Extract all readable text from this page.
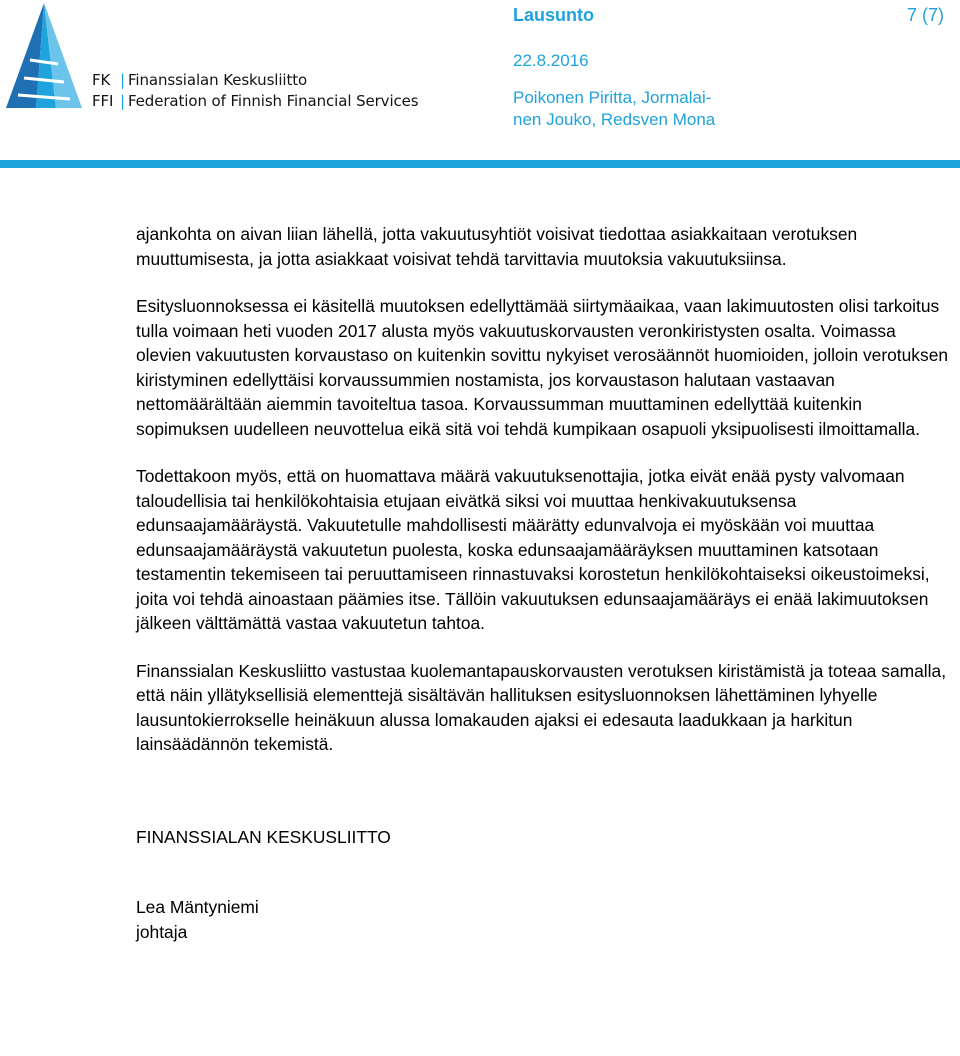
FK | Finanssialan Keskusliitto
FFI | Federation of Finnish Financial Services
Lausunto	7 (7)
22.8.2016
Poikonen Piritta, Jormalai-
nen Jouko, Redsven Mona

ajankohta on aivan liian lähellä, jotta vakuutusyhtiöt voisivat tiedottaa asiakkaitaan verotuksen muuttumisesta, ja jotta asiakkaat voisivat tehdä tarvittavia muutoksia vakuutuksiinsa.

Esitysluonnoksessa ei käsitellä muutoksen edellyttämää siirtymäaikaa, vaan lakimuutosten olisi tarkoitus tulla voimaan heti vuoden 2017 alusta myös vakuutuskorvausten veronkiristysten osalta. Voimassa olevien vakuutusten korvaustaso on kuitenkin sovittu nykyiset verosäännöt huomioiden, jolloin verotuksen kiristyminen edellyttäisi korvaussummien nostamista, jos korvaustason halutaan vastaavan nettomäärältään aiemmin tavoiteltua tasoa. Korvaussumman muuttaminen edellyttää kuitenkin sopimuksen uudelleen neuvottelua eikä sitä voi tehdä kumpikaan osapuoli yksipuolisesti ilmoittamalla.

Todettakoon myös, että on huomattava määrä vakuutuksenottajia, jotka eivät enää pysty valvomaan taloudellisia tai henkilökohtaisia etujaan eivätkä siksi voi muuttaa henkivakuutuksensa edunsaajamääräystä. Vakuutetulle mahdollisesti määrätty edunvalvoja ei myöskään voi muuttaa edunsaajamääräystä vakuutetun puolesta, koska edunsaajamääräyksen muuttaminen katsotaan testamentin tekemiseen tai peruuttamiseen rinnastuvaksi korostetun henkilökohtaiseksi oikeustoimeksi, joita voi tehdä ainoastaan päämies itse. Tällöin vakuutuksen edunsaajamääräys ei enää lakimuutoksen jälkeen välttämättä vastaa vakuutetun tahtoa.

Finanssialan Keskusliitto vastustaa kuolemantapauskorvausten verotuksen kiristämistä ja toteaa samalla, että näin yllätyksellisiä elementtejä sisältävän hallituksen esitysluonnoksen lähettäminen lyhyelle lausuntokierrokselle heinäkuun alussa lomakauden ajaksi ei edesauta laadukkaan ja harkitun lainsäädännön tekemistä.

FINANSSIALAN KESKUSLIITTO

Lea Mäntyniemi

johtaja
